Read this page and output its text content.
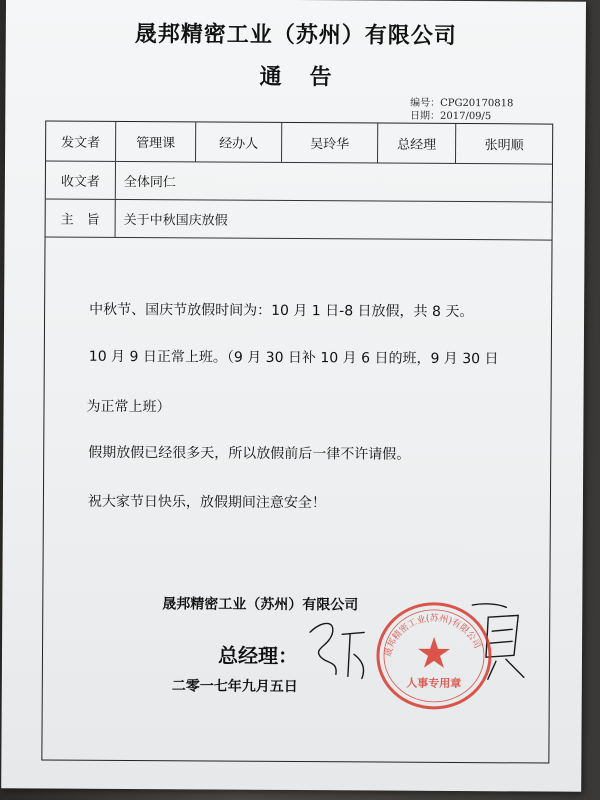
晟邦精密工业（苏州）有限公司
通告
编号：CPG20170818
日期：2017/09/5
发文者	管理课	经办人	吴玲华	总经理	张明顺
收文者	全体同仁
主　旨	关于中秋国庆放假
中秋节、国庆节放假时间为：10 月 1 日-8 日放假，共 8 天。
10 月 9 日正常上班。（9 月 30 日补 10 月 6 日的班，9 月 30 日
为正常上班）
假期放假已经很多天，所以放假前后一律不许请假。
祝大家节日快乐，放假期间注意安全！
晟邦精密工业（苏州）有限公司
总经理：
二零一七年九月五日
晟邦精密工业(苏州)有限公司
人事专用章
